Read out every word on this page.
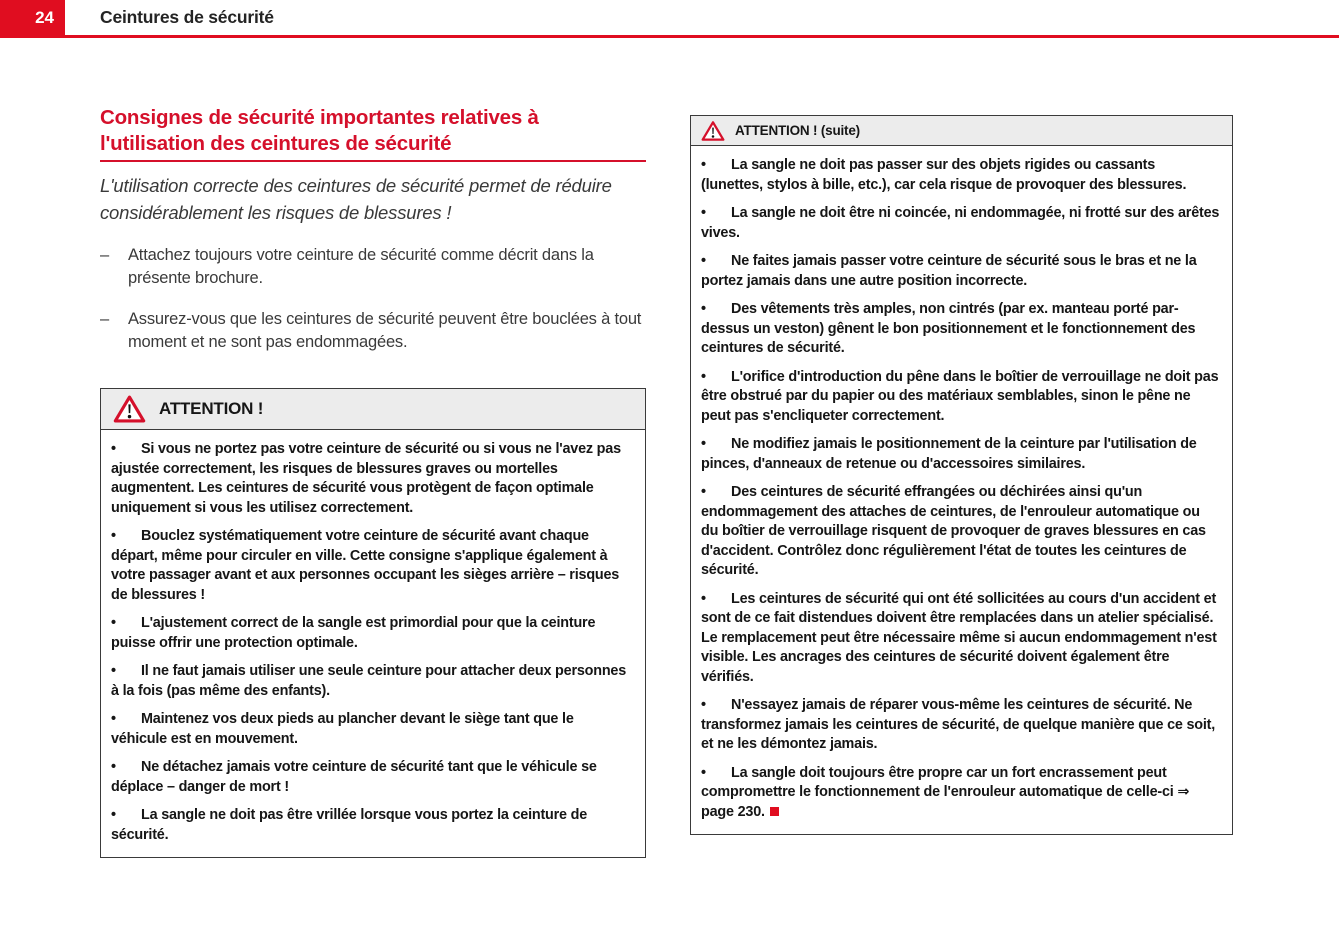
24	Ceintures de sécurité
Consignes de sécurité importantes relatives à l'utilisation des ceintures de sécurité
L'utilisation correcte des ceintures de sécurité permet de réduire considérablement les risques de blessures !

– Attachez toujours votre ceinture de sécurité comme décrit dans la présente brochure.

– Assurez-vous que les ceintures de sécurité peuvent être bouclées à tout moment et ne sont pas endommagées.

ATTENTION !

• Si vous ne portez pas votre ceinture de sécurité ou si vous ne l'avez pas ajustée correctement, les risques de blessures graves ou mortelles augmentent. Les ceintures de sécurité vous protègent de façon optimale uniquement si vous les utilisez correctement.

• Bouclez systématiquement votre ceinture de sécurité avant chaque départ, même pour circuler en ville. Cette consigne s'applique également à votre passager avant et aux personnes occupant les sièges arrière – risques de blessures !

• L'ajustement correct de la sangle est primordial pour que la ceinture puisse offrir une protection optimale.

• Il ne faut jamais utiliser une seule ceinture pour attacher deux personnes à la fois (pas même des enfants).

• Maintenez vos deux pieds au plancher devant le siège tant que le véhicule est en mouvement.

• Ne détachez jamais votre ceinture de sécurité tant que le véhicule se déplace – danger de mort !

• La sangle ne doit pas être vrillée lorsque vous portez la ceinture de sécurité.

ATTENTION ! (suite)

• La sangle ne doit pas passer sur des objets rigides ou cassants (lunettes, stylos à bille, etc.), car cela risque de provoquer des blessures.

• La sangle ne doit être ni coincée, ni endommagée, ni frotté sur des arêtes vives.

• Ne faites jamais passer votre ceinture de sécurité sous le bras et ne la portez jamais dans une autre position incorrecte.

• Des vêtements très amples, non cintrés (par ex. manteau porté par-dessus un veston) gênent le bon positionnement et le fonctionnement des ceintures de sécurité.

• L'orifice d'introduction du pêne dans le boîtier de verrouillage ne doit pas être obstrué par du papier ou des matériaux semblables, sinon le pêne ne peut pas s'encliqueter correctement.

• Ne modifiez jamais le positionnement de la ceinture par l'utilisation de pinces, d'anneaux de retenue ou d'accessoires similaires.

• Des ceintures de sécurité effrangées ou déchirées ainsi qu'un endommagement des attaches de ceintures, de l'enrouleur automatique ou du boîtier de verrouillage risquent de provoquer de graves blessures en cas d'accident. Contrôlez donc régulièrement l'état de toutes les ceintures de sécurité.

• Les ceintures de sécurité qui ont été sollicitées au cours d'un accident et sont de ce fait distendues doivent être remplacées dans un atelier spécialisé. Le remplacement peut être nécessaire même si aucun endommagement n'est visible. Les ancrages des ceintures de sécurité doivent également être vérifiés.

• N'essayez jamais de réparer vous-même les ceintures de sécurité. Ne transformez jamais les ceintures de sécurité, de quelque manière que ce soit, et ne les démontez jamais.

• La sangle doit toujours être propre car un fort encrassement peut compromettre le fonctionnement de l'enrouleur automatique de celle-ci ⇒ page 230.
